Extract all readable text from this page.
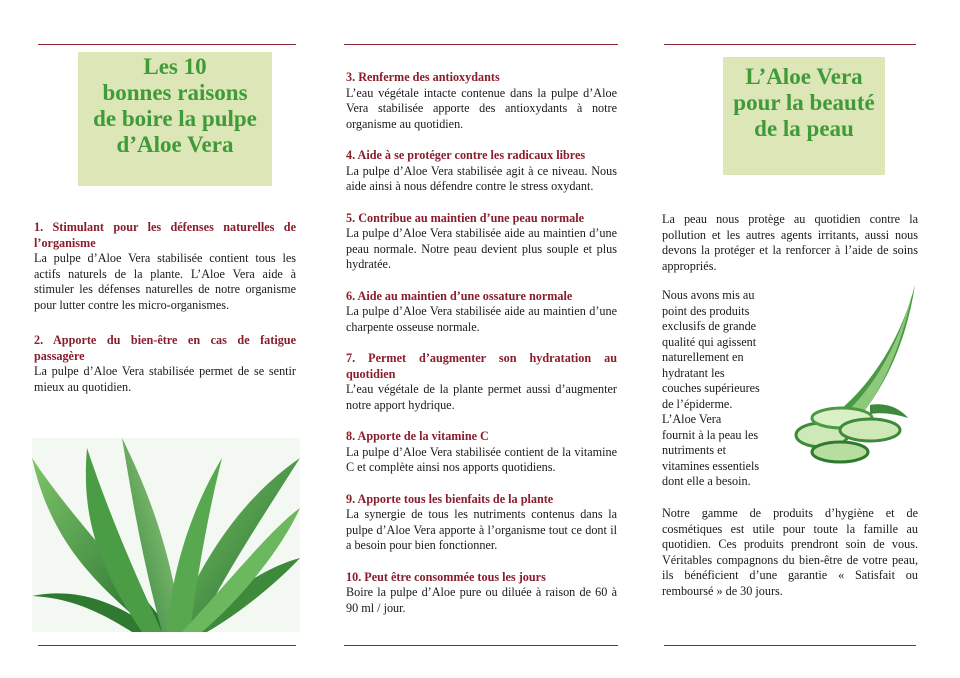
Les 10
bonnes raisons
de boire la pulpe
d’Aloe Vera

1. Stimulant pour les défenses naturelles de l’organisme

La pulpe d’Aloe Vera stabilisée contient tous les actifs naturels de la plante. L’Aloe Vera aide à stimuler les défenses naturelles de notre organisme pour lutter contre les micro-organismes.

2. Apporte du bien-être en cas de fatigue passagère

La pulpe d’Aloe Vera stabilisée permet de se sentir mieux au quotidien.

3. Renferme des antioxydants

L’eau végétale intacte contenue dans la pulpe d’Aloe Vera stabilisée apporte des antioxydants à notre organisme au quotidien.

4. Aide à se protéger contre les radicaux libres

La pulpe d’Aloe Vera stabilisée agit à ce niveau. Nous aide ainsi à nous défendre contre le stress oxydant.

5. Contribue au maintien d’une peau normale

La pulpe d’Aloe Vera stabilisée aide au maintien d’une peau normale. Notre peau devient plus souple et plus hydratée.

6. Aide au maintien d’une ossature normale

La pulpe d’Aloe Vera stabilisée aide au maintien d’une charpente osseuse normale.

7. Permet d’augmenter son hydratation au quotidien

L’eau végétale de la plante permet aussi d’augmenter notre apport hydrique.

8. Apporte de la vitamine C

La pulpe d’Aloe Vera stabilisée contient de la vitamine C et complète ainsi nos apports quotidiens.

9. Apporte tous les bienfaits de la plante

La synergie de tous les nutriments contenus dans la pulpe d’Aloe Vera apporte à l’organisme tout ce dont il a besoin pour bien fonctionner.

10. Peut être consommée tous les jours

Boire la pulpe d’Aloe pure ou diluée à raison de 60 à 90 ml / jour.

L’Aloe Vera
pour la beauté
de la peau
La peau nous protège au quotidien contre la pollution et les autres agents irritants, aussi nous devons la protéger et la renforcer à l’aide de soins appropriés.
Nous avons mis au
point des produits
exclusifs de grande
qualité qui agissent
naturellement en
hydratant les
couches supérieures
de l’épiderme.
L’Aloe Vera
fournit à la peau les
nutriments et
vitamines essentiels
dont elle a besoin.
Notre gamme de produits d’hygiène et de cosmétiques est utile pour toute la famille au quotidien. Ces produits prendront soin de vous. Véritables compagnons du bien-être de votre peau, ils bénéficient d’une garantie « Satisfait ou remboursé » de 30 jours.
